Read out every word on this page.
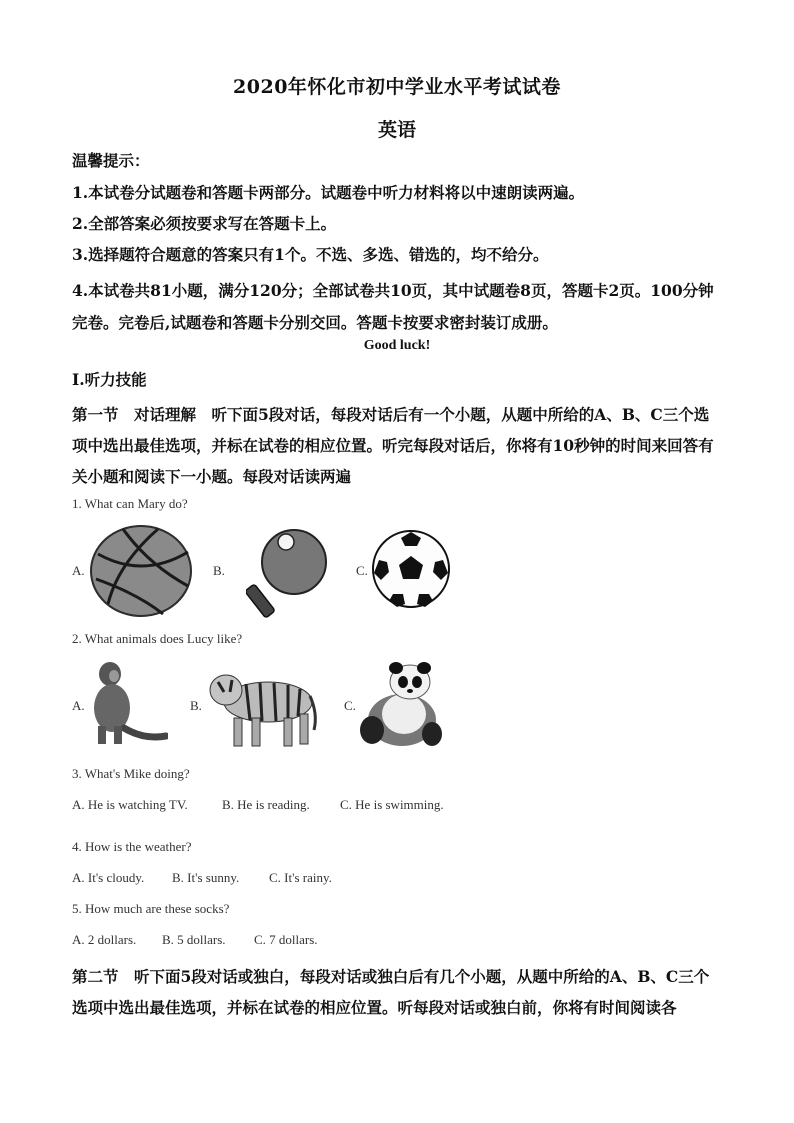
2020年怀化市初中学业水平考试试卷
英语
温馨提示：
1.本试卷分试题卷和答题卡两部分。试题卷中听力材料将以中速朗读两遍。
2.全部答案必须按要求写在答题卡上。
3.选择题符合题意的答案只有1个。不选、多选、错选的，均不给分。
4.本试卷共81小题，满分120分；全部试卷共10页，其中试题卷8页，答题卡2页。100分钟完卷。完卷后,试题卷和答题卡分别交回。答题卡按要求密封装订成册。
Good luck!
I.听力技能
第一节　对话理解　听下面5段对话，每段对话后有一个小题，从题中所给的A、B、C三个选项中选出最佳选项，并标在试卷的相应位置。听完每段对话后，你将有10秒钟的时间来回答有关小题和阅读下一小题。每段对话读两遍
1. What can Mary do?
A.	B.	C.
2. What animals does Lucy like?
A.	B.	C.
3. What's Mike doing?
A. He is watching TV.	B. He is reading. C. He is swimming.
4. How is the weather?
A. It's cloudy. B. It's sunny. C. It's rainy.
5. How much are these socks?
A. 2 dollars. B. 5 dollars. C. 7 dollars.
第二节　听下面5段对话或独白，每段对话或独白后有几个小题，从题中所给的A、B、C三个选项中选出最佳选项，并标在试卷的相应位置。听每段对话或独白前，你将有时间阅读各
